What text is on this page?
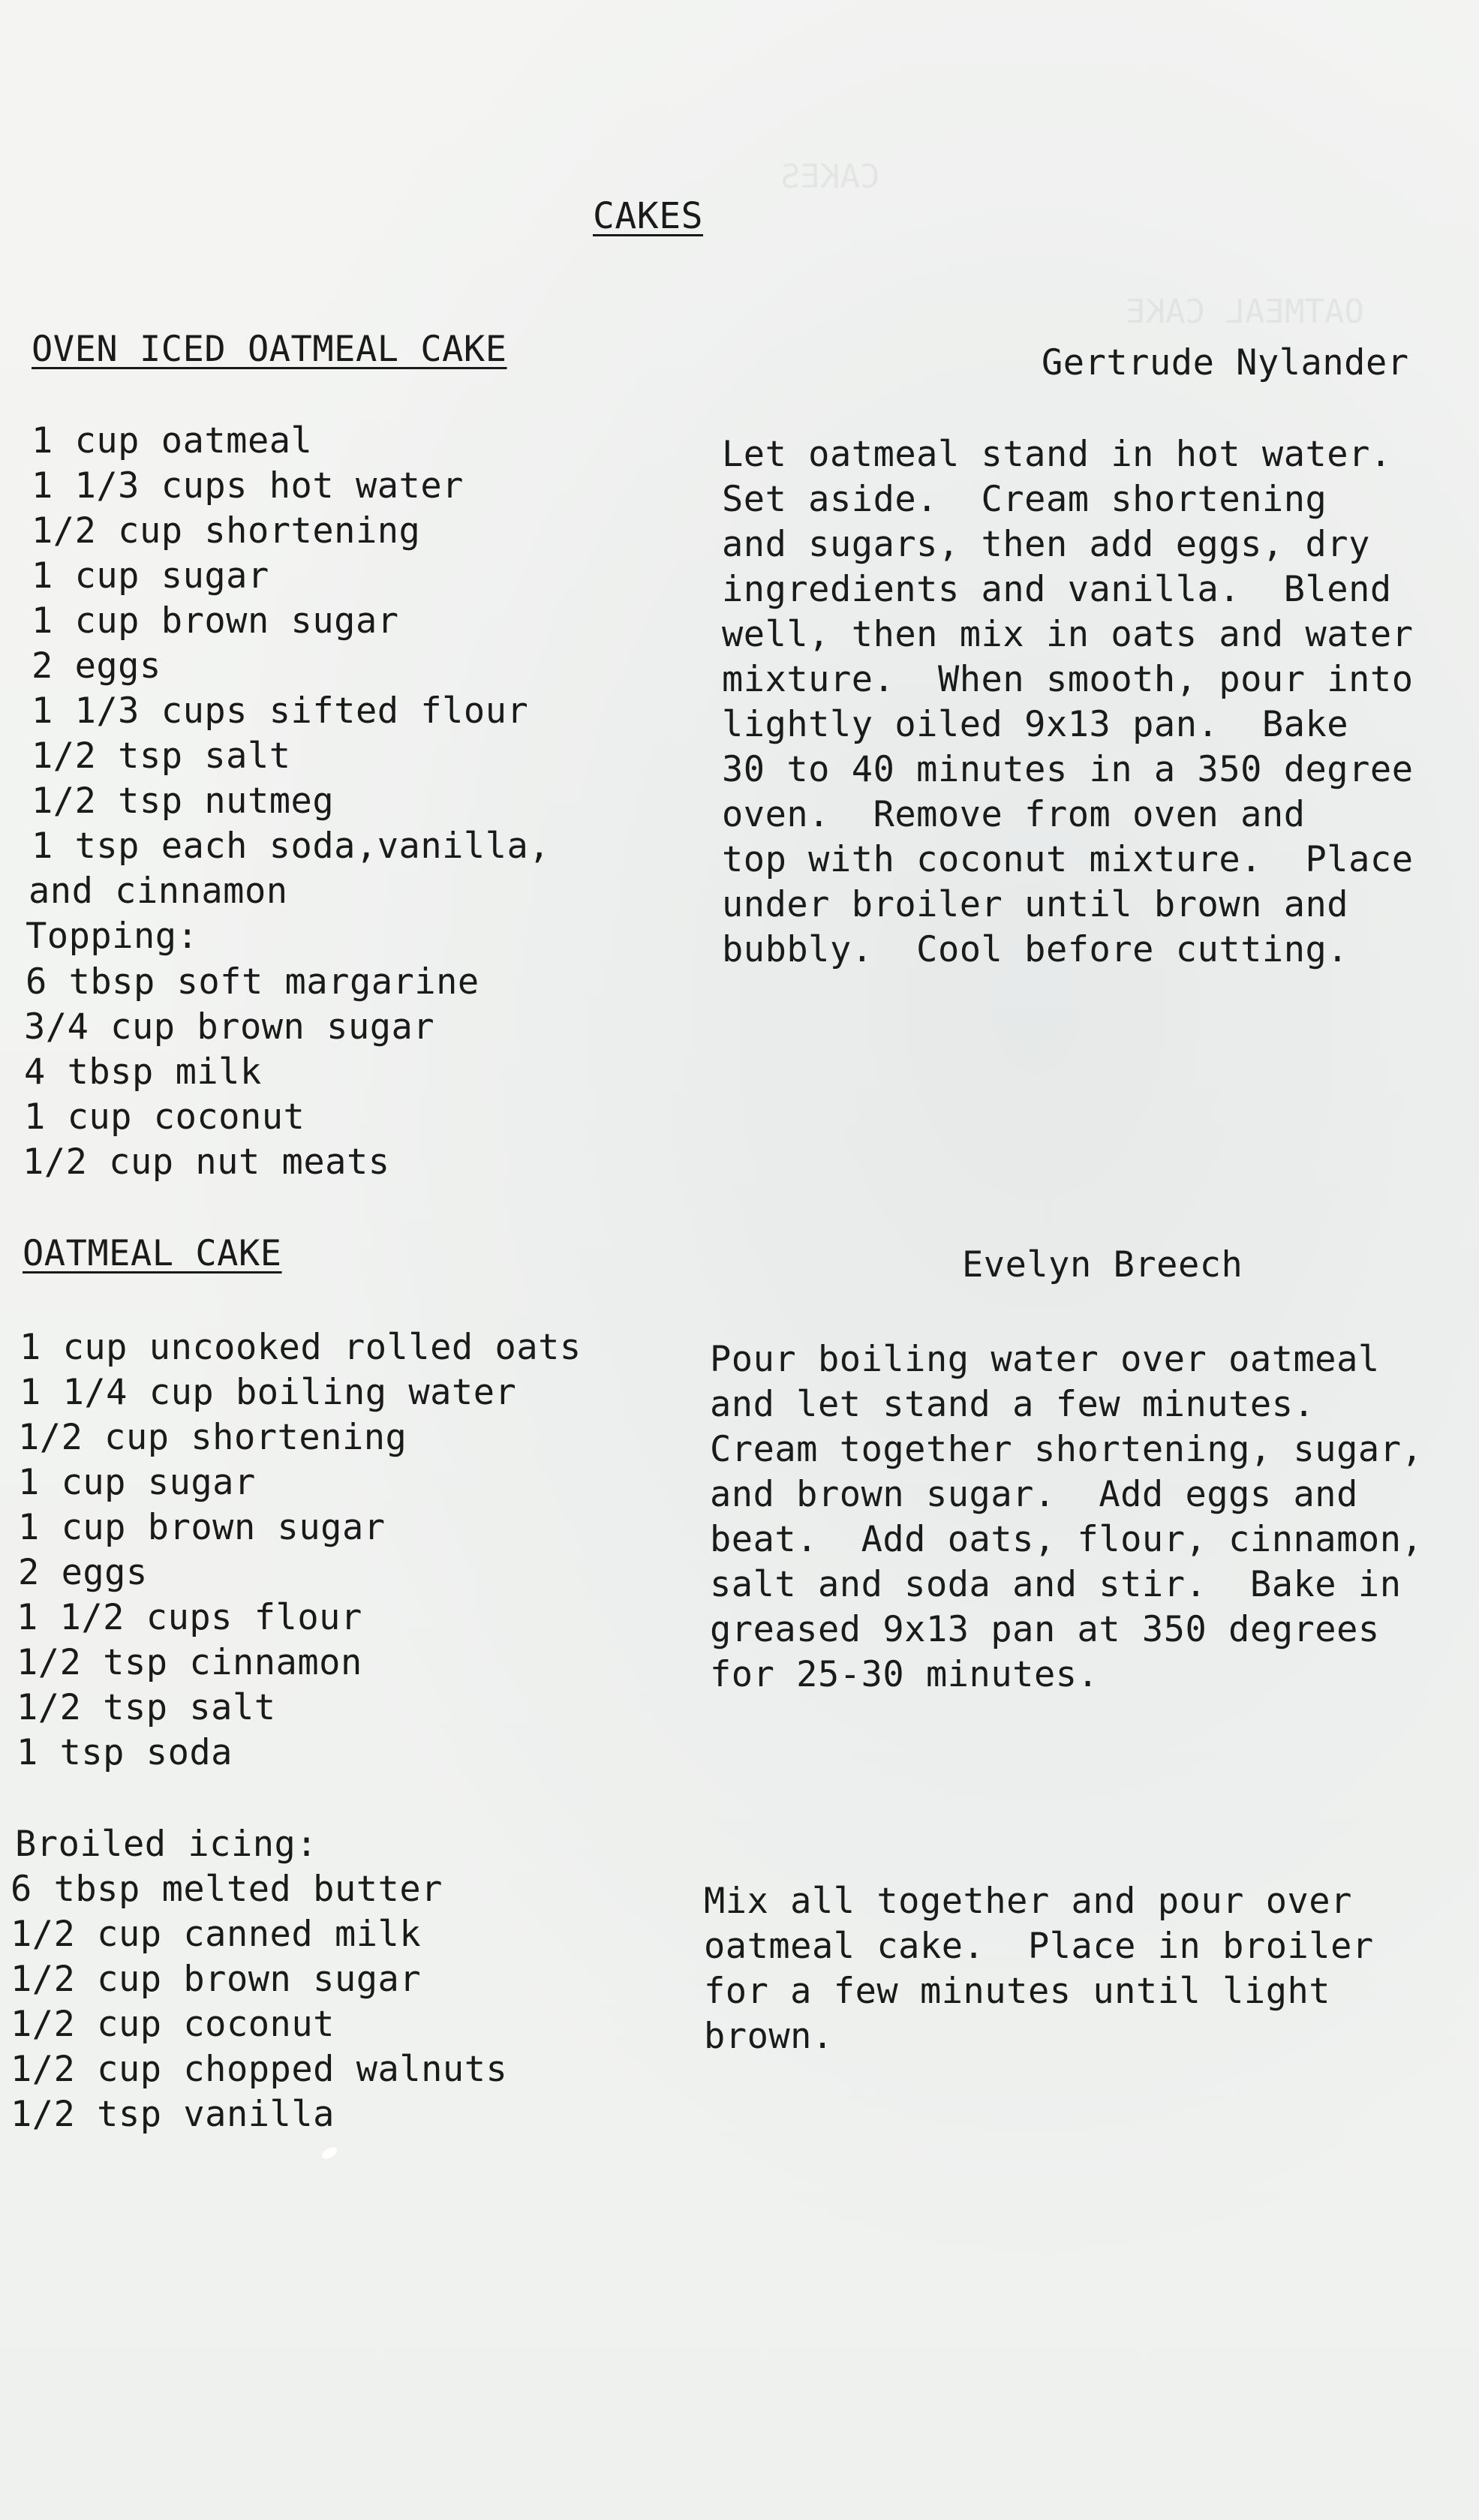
CAKES
OATMEAL CAKE
CAKES
OVEN ICED OATMEAL CAKE	Gertrude Nylander
1 cup oatmeal
1 1/3 cups hot water
1/2 cup shortening
1 cup sugar
1 cup brown sugar
2 eggs
1 1/3 cups sifted flour
1/2 tsp salt
1/2 tsp nutmeg
1 tsp each soda,vanilla,
and cinnamon
Topping:
6 tbsp soft margarine
3/4 cup brown sugar
4 tbsp milk
1 cup coconut
1/2 cup nut meats
Let oatmeal stand in hot water.
Set aside.  Cream shortening
and sugars, then add eggs, dry
ingredients and vanilla.  Blend
well, then mix in oats and water
mixture.  When smooth, pour into
lightly oiled 9x13 pan.  Bake
30 to 40 minutes in a 350 degree
oven.  Remove from oven and
top with coconut mixture.  Place
under broiler until brown and
bubbly.  Cool before cutting.
OATMEAL CAKE	Evelyn Breech
1 cup uncooked rolled oats
1 1/4 cup boiling water
1/2 cup shortening
1 cup sugar
1 cup brown sugar
2 eggs
1 1/2 cups flour
1/2 tsp cinnamon
1/2 tsp salt
1 tsp soda
Pour boiling water over oatmeal
and let stand a few minutes.
Cream together shortening, sugar,
and brown sugar.  Add eggs and
beat.  Add oats, flour, cinnamon,
salt and soda and stir.  Bake in
greased 9x13 pan at 350 degrees
for 25-30 minutes.
Broiled icing:
6 tbsp melted butter
1/2 cup canned milk
1/2 cup brown sugar
1/2 cup coconut
1/2 cup chopped walnuts
1/2 tsp vanilla
Mix all together and pour over
oatmeal cake.  Place in broiler
for a few minutes until light
brown.
